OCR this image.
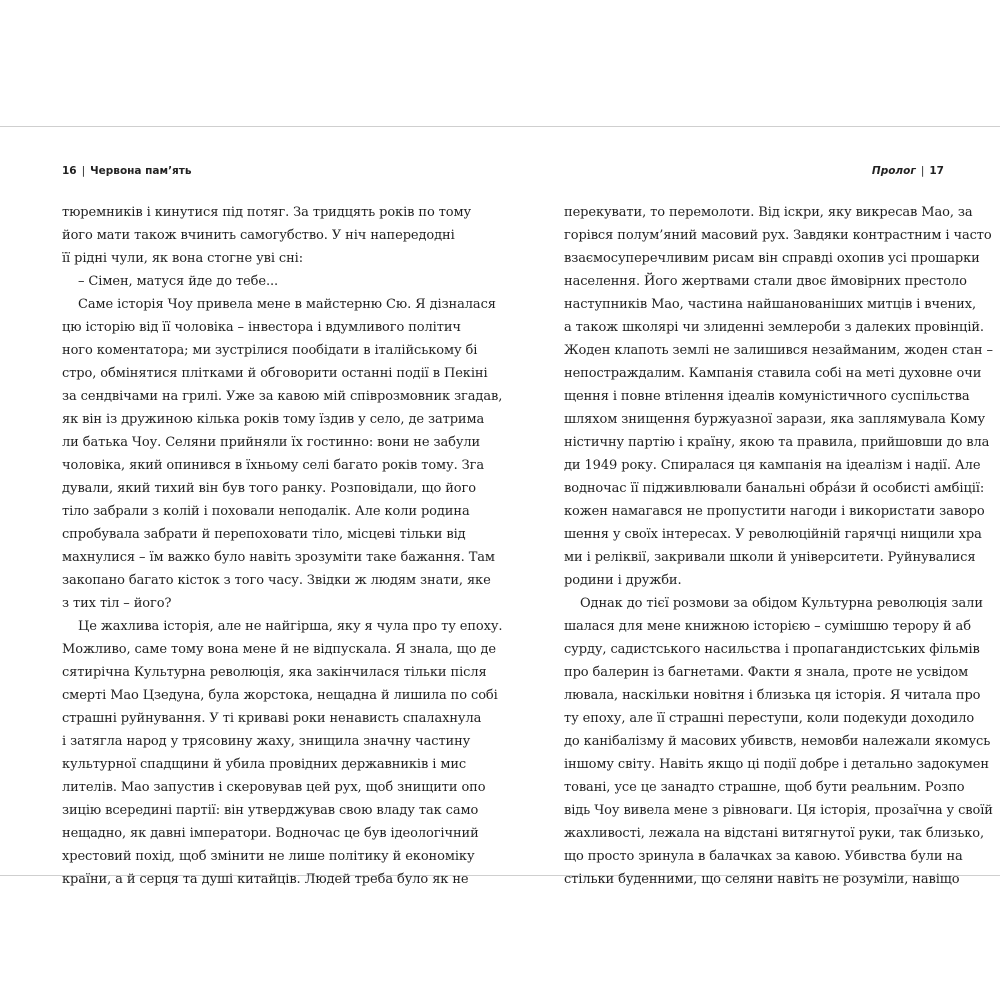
16 | Червона пам’ять
тюремників і кинутися під потяг. За тридцять років по тому
його мати також вчинить самогубство. У ніч напередодні
її рідні чули, як вона стогне уві сні:
– Сімен, матуся йде до тебе...
Саме історія Чоу привела мене в майстерню Сю. Я дізналася
цю історію від її чоловіка – інвестора і вдумливого політич
ного коментатора; ми зустрілися пообідати в італійському бі
стро, обмінятися плітками й обговорити останні події в Пекіні
за сендвічами на грилі. Уже за кавою мій співрозмовник згадав,
як він із дружиною кілька років тому їздив у село, де затрима
ли батька Чоу. Селяни прийняли їх гостинно: вони не забули
чоловіка, який опинився в їхньому селі багато років тому. Зга
дували, який тихий він був того ранку. Розповідали, що його
тіло забрали з колій і поховали неподалік. Але коли родина
спробувала забрати й перепоховати тіло, місцеві тільки від
махнулися – їм важко було навіть зрозуміти таке бажання. Там
закопано багато кісток з того часу. Звідки ж людям знати, яке
з тих тіл – його?
Це жахлива історія, але не найгірша, яку я чула про ту епоху.
Можливо, саме тому вона мене й не відпускала. Я знала, що де
сятирічна Культурна революція, яка закінчилася тільки після
смерті Мао Цзедуна, була жорстока, нещадна й лишила по собі
страшні руйнування. У ті криваві роки ненависть спалахнула
і затягла народ у трясовину жаху, знищила значну частину
культурної спадщини й убила провідних державників і мис
лителів. Мао запустив і скеровував цей рух, щоб знищити опо
зицію всередині партії: він утверджував свою владу так само
нещадно, як давні імператори. Водночас це був ідеологічний
хрестовий похід, щоб змінити не лише політику й економіку
країни, а й серця та душі китайців. Людей треба було як не
Пролог | 17
перекувати, то перемолоти. Від іскри, яку викресав Мао, за
горівся полум’яний масовий рух. Завдяки контрастним і часто
взаємосуперечливим рисам він справді охопив усі прошарки
населення. Його жертвами стали двоє ймовірних престоло
наступників Мао, частина найшанованіших митців і вчених,
а також школярі чи злиденні землероби з далеких провінцій.
Жоден клапоть землі не залишився незайманим, жоден стан –
непостраждалим. Кампанія ставила собі на меті духовне очи
щення і повне втілення ідеалів комуністичного суспільства
шляхом знищення буржуазної зарази, яка заплямувала Кому
ністичну партію і країну, якою та правила, прийшовши до вла
ди 1949 року. Спиралася ця кампанія на ідеалізм і надії. Але
водночас її підживлювали банальні обрáзи й особисті амбіції:
кожен намагався не пропустити нагоди і використати заворо
шення у своїх інтересах. У революційній гарячці нищили хра
ми і реліквії, закривали школи й університети. Руйнувалися
родини і дружби.
Однак до тієї розмови за обідом Культурна революція зали
шалася для мене книжною історією – сумішшю терору й аб
сурду, садистського насильства і пропагандистських фільмів
про балерин із багнетами. Факти я знала, проте не усвідом
лювала, наскільки новітня і близька ця історія. Я читала про
ту епоху, але її страшні переступи, коли подекуди доходило
до канібалізму й масових убивств, немовби належали якомусь
іншому світу. Навіть якщо ці події добре і детально задокумен
товані, усе це занадто страшне, щоб бути реальним. Розпо
відь Чоу вивела мене з рівноваги. Ця історія, прозаїчна у своїй
жахливості, лежала на відстані витягнутої руки, так близько,
що просто зринула в балачках за кавою. Убивства були на
стільки буденними, що селяни навіть не розуміли, навіщо
